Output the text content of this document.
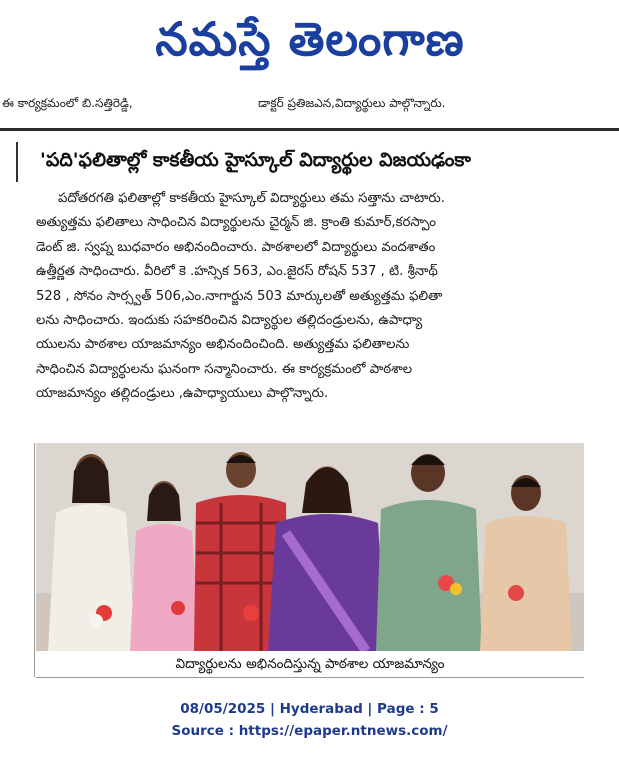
నమస్తే తెలంగాణ
ఈ కార్యక్రమంలో బి.సత్తిరెడ్డి,	డాక్టర్ ప్రతిజఎన,విద్యార్థులు పాల్గొన్నారు.
'పది'ఫలితాల్లో కాకతీయ హైస్కూల్ విద్యార్థుల విజయఢంకా
పదోతరగతి ఫలితాల్లో కాకతీయ హైస్కూల్ విద్యార్థులు తమ సత్తాను చాటారు.
అత్యుత్తమ ఫలితాలు సాధించిన విద్యార్థులను చైర్మన్ జి. క్రాంతి కుమార్,కరస్పాం
డెంట్ జి. స్వప్న బుధవారం అభినందించారు. పాఠశాలలో విద్యార్థులు వందశాతం
ఉత్తీర్ణత సాధించారు. వీరిలో కె .హన్సిక 563, ఎం.జైరస్ రోషన్ 537 , టి. శ్రీనాథ్
528 , సోనం సార్స్వత్ 506,ఎం.నాగార్జున 503 మార్కులతో అత్యుత్తమ ఫలితా
లను సాధించారు. ఇందుకు సహకరించిన విద్యార్థుల తల్లిదండ్రులను, ఉపాధ్యా
యులను పాఠశాల యాజమాన్యం అభినందించింది. అత్యుత్తమ ఫలితాలను
సాధించిన విద్యార్థులను ఘనంగా సన్మానించారు. ఈ కార్యక్రమంలో పాఠశాల
యాజమాన్యం తల్లిదండ్రులు ,ఉపాధ్యాయులు పాల్గొన్నారు.
విద్యార్థులను అభినందిస్తున్న పాఠశాల యాజమాన్యం
08/05/2025 | Hyderabad | Page : 5
Source : https://epaper.ntnews.com/
